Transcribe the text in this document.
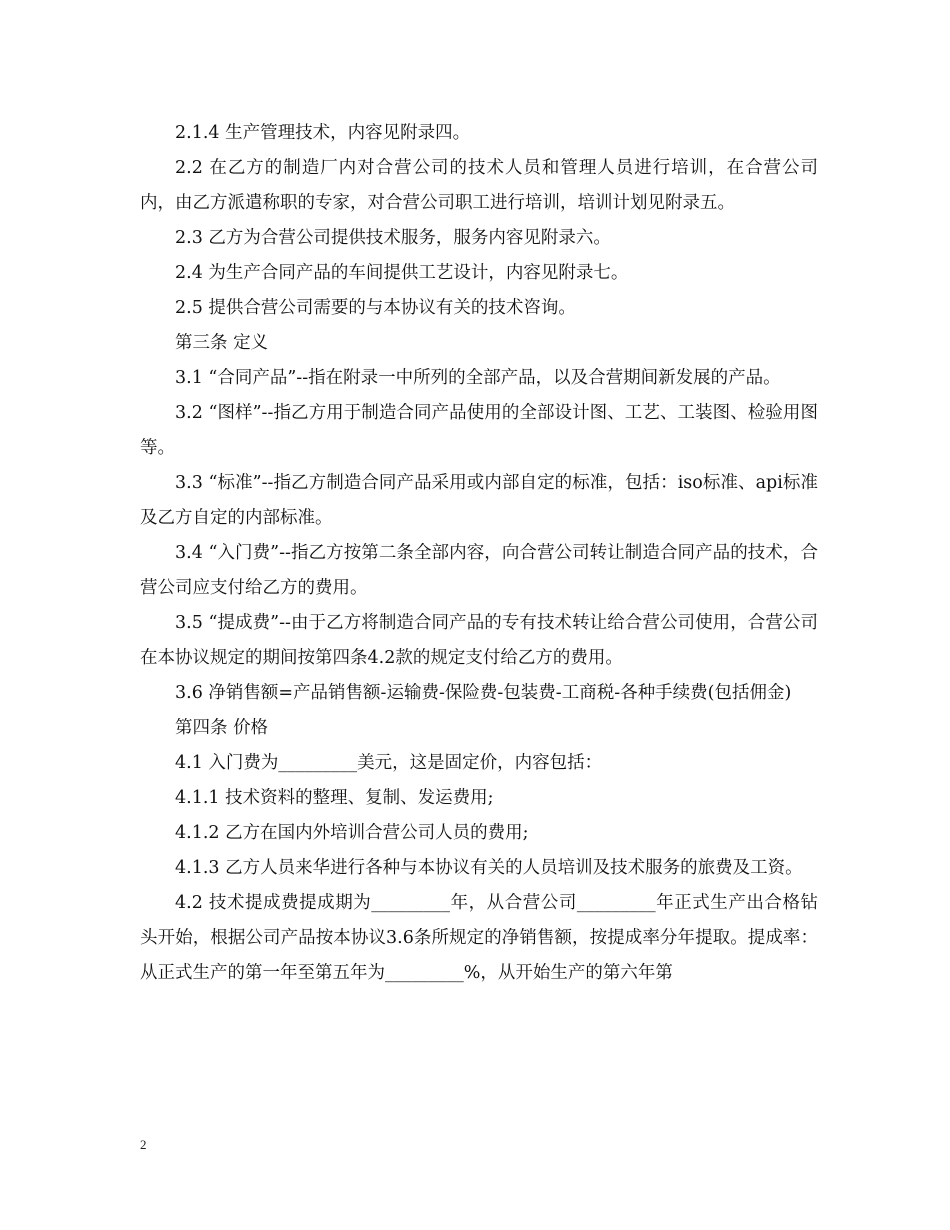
2.1.4 生产管理技术，内容见附录四。

2.2 在乙方的制造厂内对合营公司的技术人员和管理人员进行培训，在合营公司内，由乙方派遣称职的专家，对合营公司职工进行培训，培训计划见附录五。

2.3 乙方为合营公司提供技术服务，服务内容见附录六。

2.4 为生产合同产品的车间提供工艺设计，内容见附录七。

2.5 提供合营公司需要的与本协议有关的技术咨询。

第三条 定义

3.1 “合同产品”--指在附录一中所列的全部产品，以及合营期间新发展的产品。

3.2 “图样”--指乙方用于制造合同产品使用的全部设计图、工艺、工装图、检验用图等。

3.3 “标准”--指乙方制造合同产品采用或内部自定的标准，包括：iso标准、api标准及乙方自定的内部标准。

3.4 “入门费”--指乙方按第二条全部内容，向合营公司转让制造合同产品的技术，合营公司应支付给乙方的费用。

3.5 “提成费”--由于乙方将制造合同产品的专有技术转让给合营公司使用，合营公司在本协议规定的期间按第四条4.2款的规定支付给乙方的费用。

3.6 净销售额=产品销售额-运输费-保险费-包装费-工商税-各种手续费(包括佣金)

第四条 价格

4.1 入门费为_________美元，这是固定价，内容包括：

4.1.1 技术资料的整理、复制、发运费用;

4.1.2 乙方在国内外培训合营公司人员的费用;

4.1.3 乙方人员来华进行各种与本协议有关的人员培训及技术服务的旅费及工资。

4.2 技术提成费提成期为_________年，从合营公司_________年正式生产出合格钻头开始，根据公司产品按本协议3.6条所规定的净销售额，按提成率分年提取。提成率：从正式生产的第一年至第五年为_________%，从开始生产的第六年第

2
